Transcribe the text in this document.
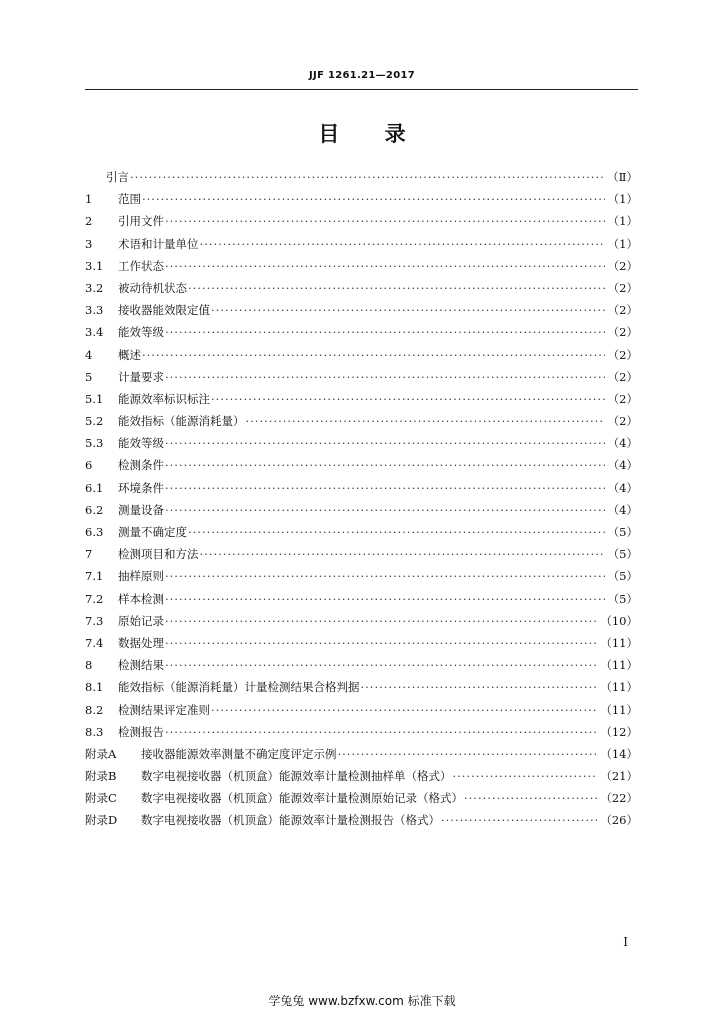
JJF 1261.21—2017
目 录
引言 ·····	（Ⅱ）
1	范围 ·····	（1）
2	引用文件 ·····	（1）
3	术语和计量单位 ·····	（1）
3.1	工作状态 ·····	（2）
3.2	被动待机状态 ·····	（2）
3.3	接收器能效限定值 ·····	（2）
3.4	能效等级 ·····	（2）
4	概述 ·····	（2）
5	计量要求 ·····	（2）
5.1	能源效率标识标注 ·····	（2）
5.2	能效指标（能源消耗量） ·····	（2）
5.3	能效等级 ·····	（4）
6	检测条件 ·····	（4）
6.1	环境条件 ·····	（4）
6.2	测量设备 ·····	（4）
6.3	测量不确定度 ·····	（5）
7	检测项目和方法 ·····	（5）
7.1	抽样原则 ·····	（5）
7.2	样本检测 ·····	（5）
7.3	原始记录 ·····	（10）
7.4	数据处理 ·····	（11）
8	检测结果 ·····	（11）
8.1	能效指标（能源消耗量）计量检测结果合格判据 ·····	（11）
8.2	检测结果评定准则 ·····	（11）
8.3	检测报告 ·····	（12）
附录A	接收器能源效率测量不确定度评定示例 ·····	（14）
附录B	数字电视接收器（机顶盒）能源效率计量检测抽样单（格式） ·····	（21）
附录C	数字电视接收器（机顶盒）能源效率计量检测原始记录（格式） ·····	（22）
附录D	数字电视接收器（机顶盒）能源效率计量检测报告（格式） ·····	（26）
I
学兔兔 www.bzfxw.com 标准下载
